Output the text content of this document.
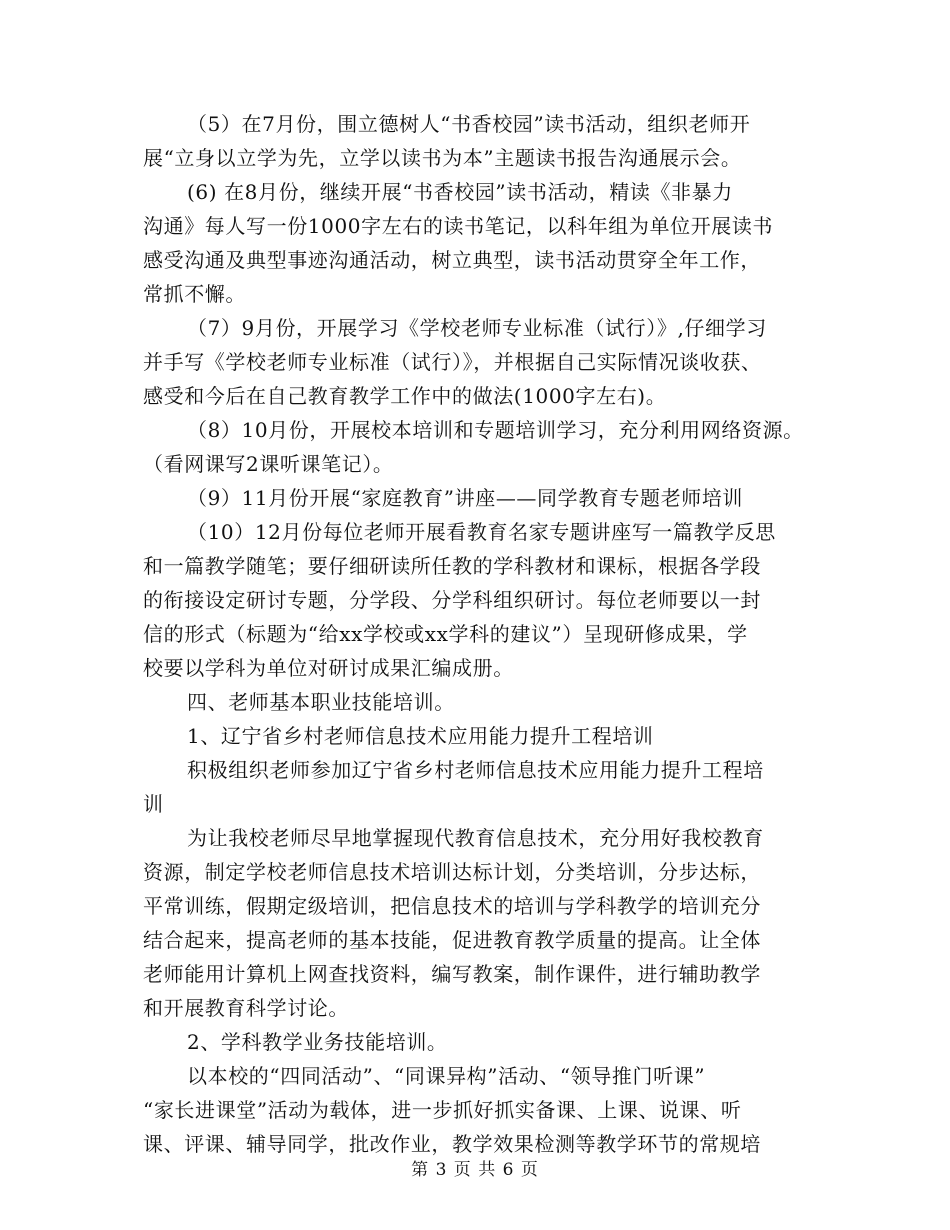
（5）在7月份，围立德树人“书香校园”读书活动，组织老师开
展“立身以立学为先，立学以读书为本”主题读书报告沟通展示会。
(6) 在8月份，继续开展“书香校园”读书活动，精读《非暴力
沟通》每人写一份1000字左右的读书笔记，以科年组为单位开展读书
感受沟通及典型事迹沟通活动，树立典型，读书活动贯穿全年工作，
常抓不懈。
（7）9月份，开展学习《学校老师专业标准（试行）》,仔细学习
并手写《学校老师专业标准（试行）》，并根据自己实际情况谈收获、
感受和今后在自己教育教学工作中的做法(1000字左右)。
（8）10月份，开展校本培训和专题培训学习，充分利用网络资源。
（看网课写2课听课笔记）。
（9）11月份开展“家庭教育”讲座——同学教育专题老师培训
（10）12月份每位老师开展看教育名家专题讲座写一篇教学反思
和一篇教学随笔；要仔细研读所任教的学科教材和课标，根据各学段
的衔接设定研讨专题，分学段、分学科组织研讨。每位老师要以一封
信的形式（标题为“给xx学校或xx学科的建议”）呈现研修成果，学
校要以学科为单位对研讨成果汇编成册。
四、老师基本职业技能培训。
1、辽宁省乡村老师信息技术应用能力提升工程培训
积极组织老师参加辽宁省乡村老师信息技术应用能力提升工程培
训
为让我校老师尽早地掌握现代教育信息技术，充分用好我校教育
资源，制定学校老师信息技术培训达标计划，分类培训，分步达标，
平常训练，假期定级培训，把信息技术的培训与学科教学的培训充分
结合起来，提高老师的基本技能，促进教育教学质量的提高。让全体
老师能用计算机上网查找资料，编写教案，制作课件，进行辅助教学
和开展教育科学讨论。
2、学科教学业务技能培训。
以本校的“四同活动”、“同课异构”活动、“领导推门听课”
“家长进课堂”活动为载体，进一步抓好抓实备课、上课、说课、听
课、评课、辅导同学，批改作业，教学效果检测等教学环节的常规培
第 3 页 共 6 页
